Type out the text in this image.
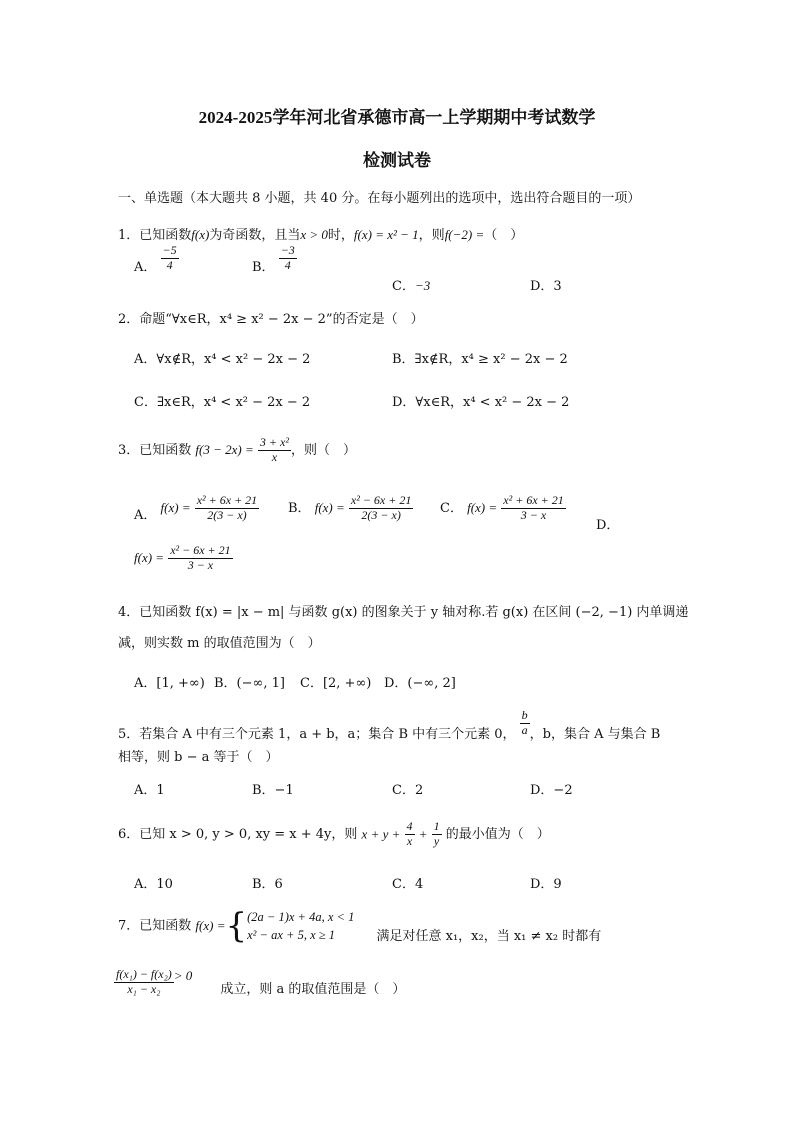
2024-2025学年河北省承德市高一上学期期中考试数学
检测试卷
一、单选题（本大题共 8 小题，共 40 分。在每小题列出的选项中，选出符合题目的一项）
1．已知函数f(x)为奇函数，且当x > 0时，f(x) = x² − 1，则f(−2) =（　）
A． $\frac{-5}{4}$	B． $\frac{-3}{4}$
C．−3	D．3
2．命题“∀x∈R，x⁴ ≥ x² − 2x − 2”的否定是（　）
A．∀x∉R，x⁴ < x² − 2x − 2	B．∃x∉R，x⁴ ≥ x² − 2x − 2
C．∃x∈R，x⁴ < x² − 2x − 2	D．∀x∈R，x⁴ < x² − 2x − 2
3．已知函数 $f(3 - 2x) = \frac{\text{3 + x²}}{x}$ ，则（　）
A． $f(x) = \frac{\text{x² + 6x + 21}}{2(3 - x)}$ B． $f(x) = \frac{\text{x² − 6x + 21}}{2(3 - x)}$ C． $f(x) = \frac{\text{x² + 6x + 21}}{3 - x}$
D．
$f(x) = \frac{\text{x² − 6x + 21}}{3 - x}$
4．已知函数 f(x) = |x − m| 与函数 g(x) 的图象关于 y 轴对称.若 g(x) 在区间 (−2, −1) 内单调递
减，则实数 m 的取值范围为（　）
A．[1, +∞) B．(−∞, 1] C．[2, +∞) D．(−∞, 2]
5．若集合 A 中有三个元素 1，a + b，a；集合 B 中有三个元素 0， $\frac{b}{a}$ ，b，集合 A 与集合 B
相等，则 b − a 等于（　）
A．1	B．−1	C．2	D．−2
6．已知 x > 0, y > 0, xy = x + 4y，则 $x + y + \frac{4}{x} + \frac{1}{y}$ 的最小值为（　）
A．10	B．6	C．4	D．9
7．已知函数 f(x) ={ (2a − 1)x + 4a, x < 1
x² − ax + 5, x ≥ 1	满足对任意 x₁，x₂，当 x₁ ≠ x₂ 时都有
$\frac{\text{f(x₁) − f(x₂)}}{\text{x₁ − x₂}} > 0$ 成立，则 a 的取值范围是（　）
